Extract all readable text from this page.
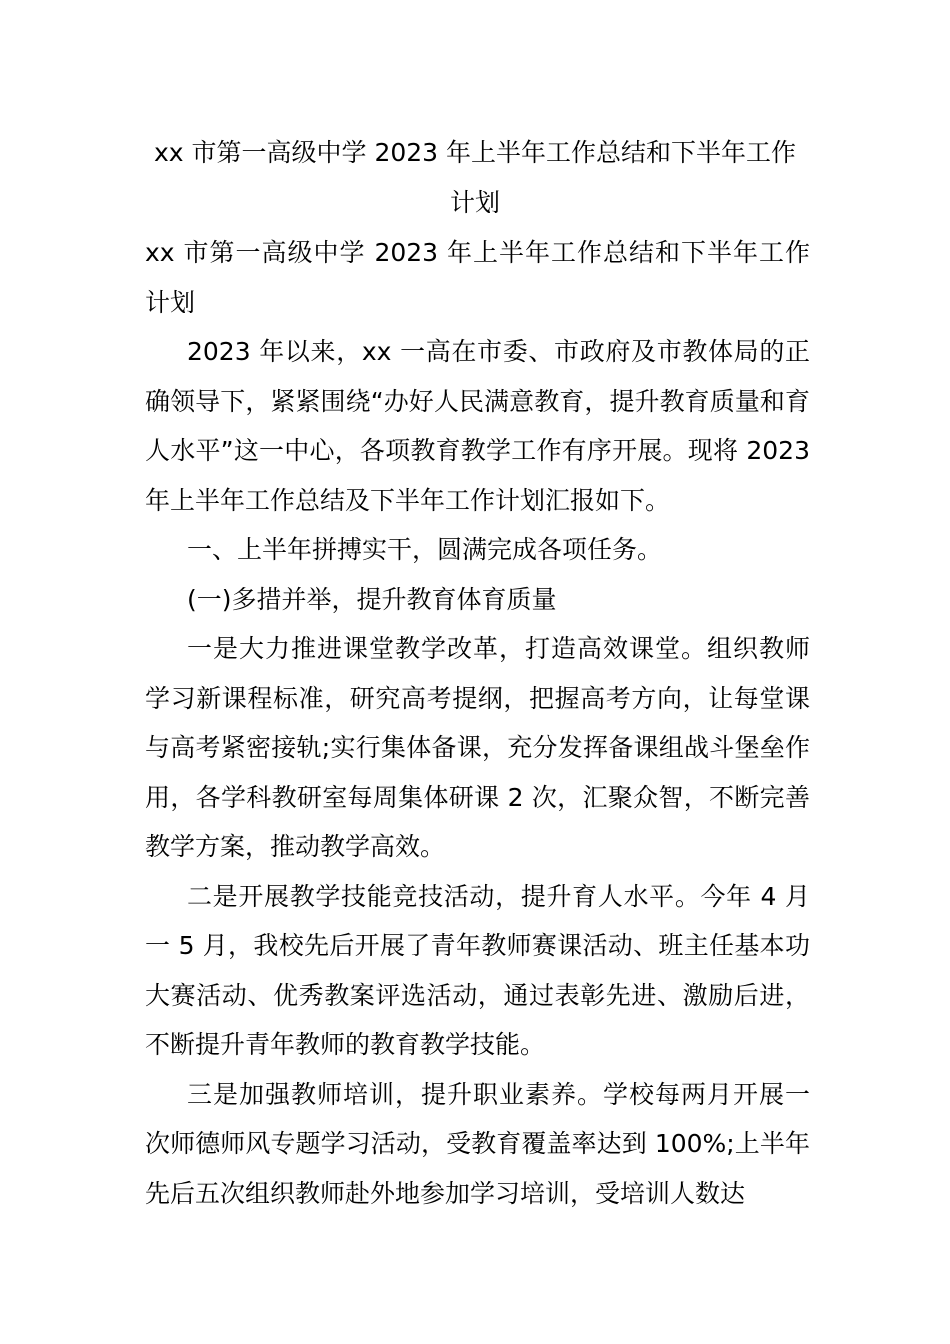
xx 市第一高级中学 2023 年上半年工作总结和下半年工作

计划

xx 市第一高级中学 2023 年上半年工作总结和下半年工作计划

2023 年以来，xx 一高在市委、市政府及市教体局的正确领导下，紧紧围绕“办好人民满意教育，提升教育质量和育人水平”这一中心，各项教育教学工作有序开展。现将 2023 年上半年工作总结及下半年工作计划汇报如下。

一、上半年拼搏实干，圆满完成各项任务。

(一)多措并举，提升教育体育质量

一是大力推进课堂教学改革，打造高效课堂。组织教师学习新课程标准，研究高考提纲，把握高考方向，让每堂课与高考紧密接轨;实行集体备课，充分发挥备课组战斗堡垒作用，各学科教研室每周集体研课 2 次，汇聚众智，不断完善教学方案，推动教学高效。

二是开展教学技能竞技活动，提升育人水平。今年 4 月一 5 月，我校先后开展了青年教师赛课活动、班主任基本功大赛活动、优秀教案评选活动，通过表彰先进、激励后进，不断提升青年教师的教育教学技能。

三是加强教师培训，提升职业素养。学校每两月开展一次师德师风专题学习活动，受教育覆盖率达到 100%;上半年先后五次组织教师赴外地参加学习培训，受培训人数达
